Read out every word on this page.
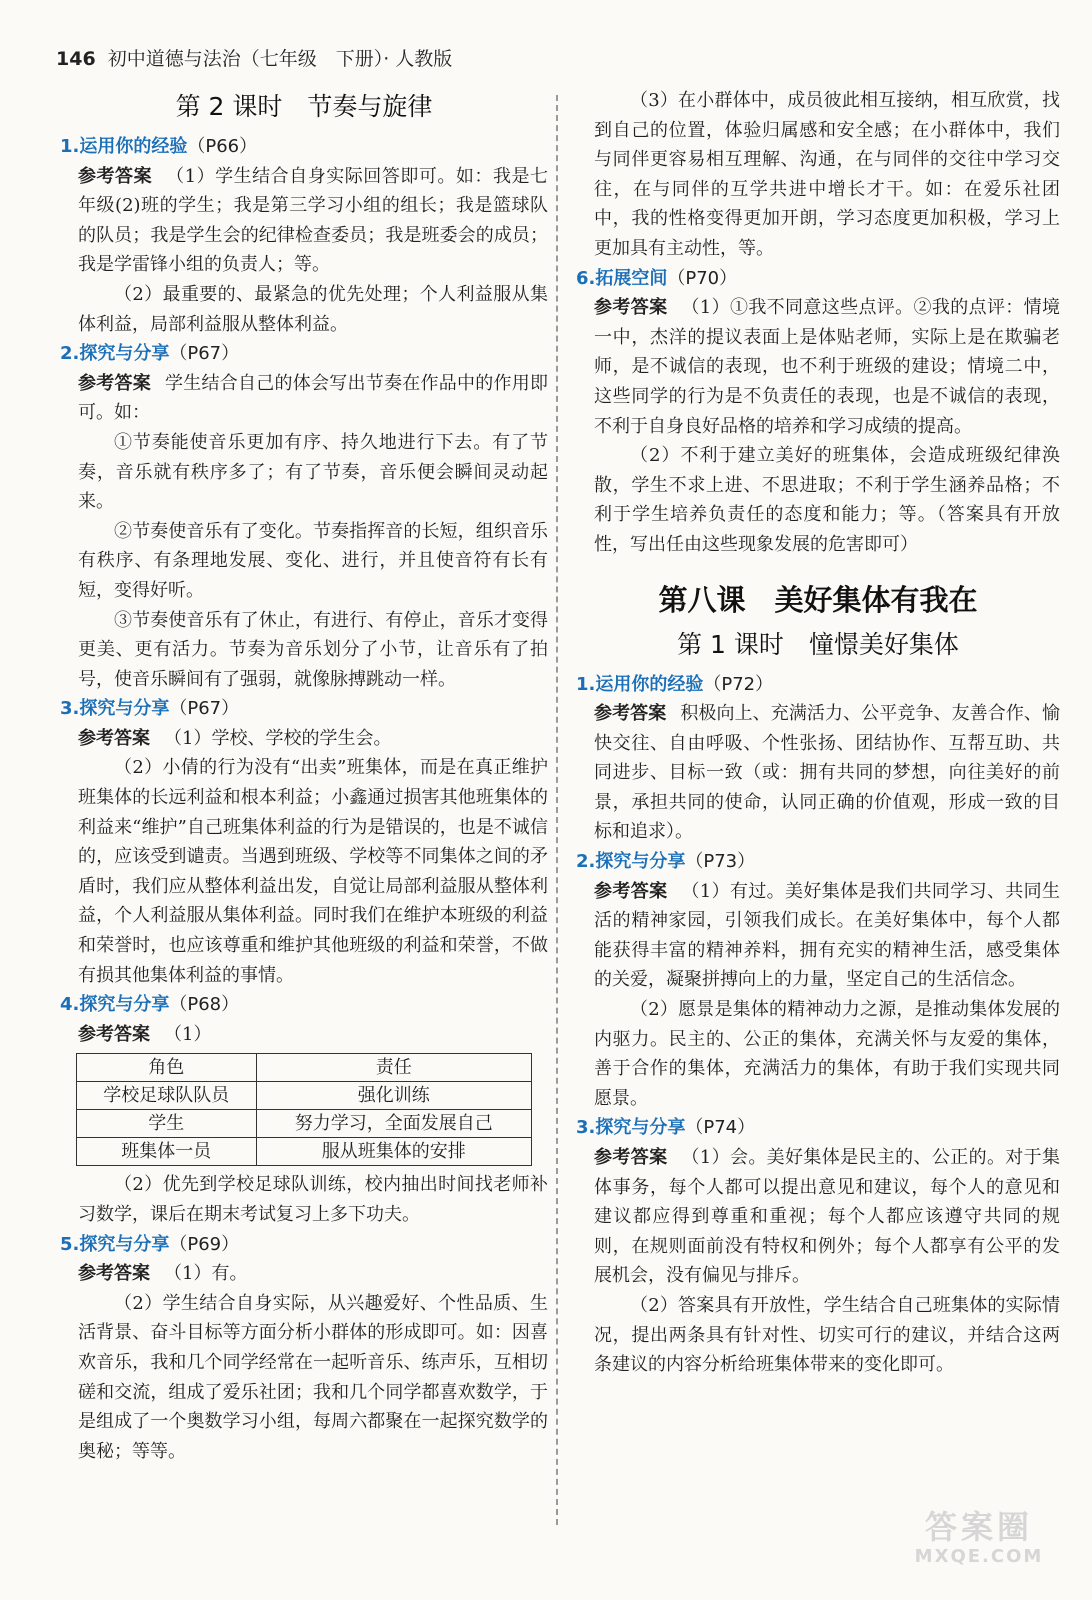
146 初中道德与法治（七年级　下册）· 人教版
第 2 课时　节奏与旋律
1.运用你的经验（P66）

参考答案 （1）学生结合自身实际回答即可。如：我是七年级(2)班的学生；我是第三学习小组的组长；我是篮球队的队员；我是学生会的纪律检查委员；我是班委会的成员；我是学雷锋小组的负责人；等。

（2）最重要的、最紧急的优先处理；个人利益服从集体利益，局部利益服从整体利益。

2.探究与分享（P67）

参考答案 学生结合自己的体会写出节奏在作品中的作用即可。如：

①节奏能使音乐更加有序、持久地进行下去。有了节奏，音乐就有秩序多了；有了节奏，音乐便会瞬间灵动起来。

②节奏使音乐有了变化。节奏指挥音的长短，组织音乐有秩序、有条理地发展、变化、进行，并且使音符有长有短，变得好听。

③节奏使音乐有了休止，有进行、有停止，音乐才变得更美、更有活力。节奏为音乐划分了小节，让音乐有了拍号，使音乐瞬间有了强弱，就像脉搏跳动一样。

3.探究与分享（P67）

参考答案 （1）学校、学校的学生会。

（2）小倩的行为没有“出卖”班集体，而是在真正维护班集体的长远利益和根本利益；小鑫通过损害其他班集体的利益来“维护”自己班集体利益的行为是错误的，也是不诚信的，应该受到谴责。当遇到班级、学校等不同集体之间的矛盾时，我们应从整体利益出发，自觉让局部利益服从整体利益，个人利益服从集体利益。同时我们在维护本班级的利益和荣誉时，也应该尊重和维护其他班级的利益和荣誉，不做有损其他集体利益的事情。

4.探究与分享（P68）

参考答案 （1）

角色	责任
学校足球队队员	强化训练
学生	努力学习，全面发展自己
班集体一员	服从班集体的安排

（2）优先到学校足球队训练，校内抽出时间找老师补习数学，课后在期末考试复习上多下功夫。

5.探究与分享（P69）

参考答案 （1）有。

（2）学生结合自身实际，从兴趣爱好、个性品质、生活背景、奋斗目标等方面分析小群体的形成即可。如：因喜欢音乐，我和几个同学经常在一起听音乐、练声乐，互相切磋和交流，组成了爱乐社团；我和几个同学都喜欢数学，于是组成了一个奥数学习小组，每周六都聚在一起探究数学的奥秘；等等。

（3）在小群体中，成员彼此相互接纳，相互欣赏，找到自己的位置，体验归属感和安全感；在小群体中，我们与同伴更容易相互理解、沟通，在与同伴的交往中学习交往，在与同伴的互学共进中增长才干。如：在爱乐社团中，我的性格变得更加开朗，学习态度更加积极，学习上更加具有主动性，等。

6.拓展空间（P70）

参考答案 （1）①我不同意这些点评。②我的点评：情境一中，杰洋的提议表面上是体贴老师，实际上是在欺骗老师，是不诚信的表现，也不利于班级的建设；情境二中，这些同学的行为是不负责任的表现，也是不诚信的表现，不利于自身良好品格的培养和学习成绩的提高。

（2）不利于建立美好的班集体，会造成班级纪律涣散，学生不求上进、不思进取；不利于学生涵养品格；不利于学生培养负责任的态度和能力；等。（答案具有开放性，写出任由这些现象发展的危害即可）

第八课　美好集体有我在
第 1 课时　憧憬美好集体
1.运用你的经验（P72）

参考答案 积极向上、充满活力、公平竞争、友善合作、愉快交往、自由呼吸、个性张扬、团结协作、互帮互助、共同进步、目标一致（或：拥有共同的梦想，向往美好的前景，承担共同的使命，认同正确的价值观，形成一致的目标和追求）。

2.探究与分享（P73）

参考答案 （1）有过。美好集体是我们共同学习、共同生活的精神家园，引领我们成长。在美好集体中，每个人都能获得丰富的精神养料，拥有充实的精神生活，感受集体的关爱，凝聚拼搏向上的力量，坚定自己的生活信念。

（2）愿景是集体的精神动力之源，是推动集体发展的内驱力。民主的、公正的集体，充满关怀与友爱的集体，善于合作的集体，充满活力的集体，有助于我们实现共同愿景。

3.探究与分享（P74）

参考答案 （1）会。美好集体是民主的、公正的。对于集体事务，每个人都可以提出意见和建议，每个人的意见和建议都应得到尊重和重视；每个人都应该遵守共同的规则，在规则面前没有特权和例外；每个人都享有公平的发展机会，没有偏见与排斥。

（2）答案具有开放性，学生结合自己班集体的实际情况，提出两条具有针对性、切实可行的建议，并结合这两条建议的内容分析给班集体带来的变化即可。

答案圈
MXQE.COM
